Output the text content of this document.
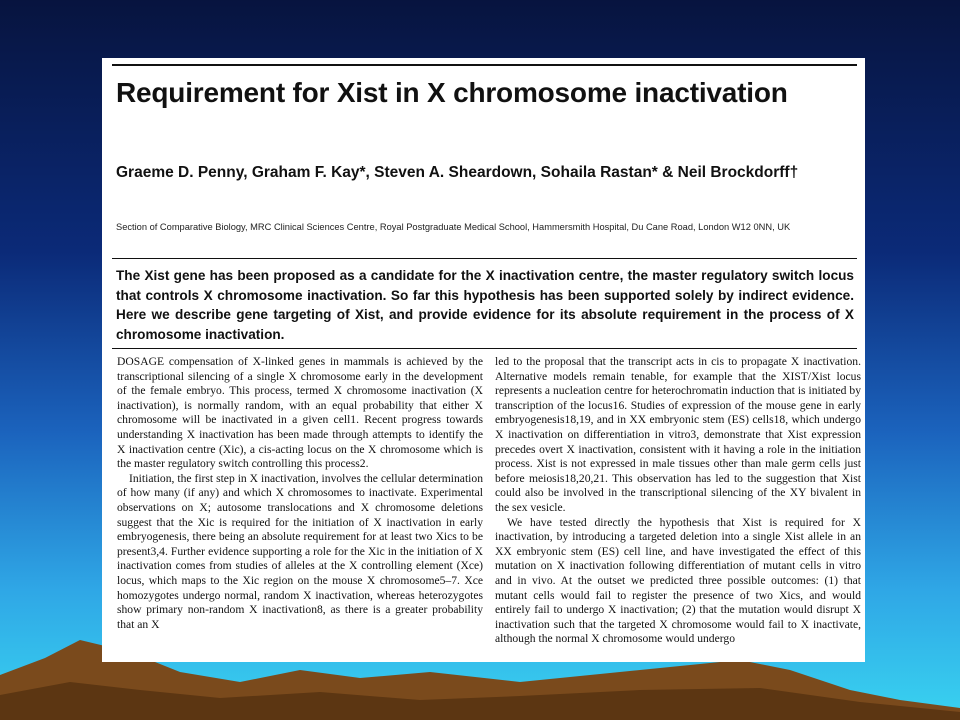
Requirement for Xist in X chromosome inactivation
Graeme D. Penny, Graham F. Kay*, Steven A. Sheardown, Sohaila Rastan* & Neil Brockdorff†
Section of Comparative Biology, MRC Clinical Sciences Centre, Royal Postgraduate Medical School, Hammersmith Hospital, Du Cane Road, London W12 0NN, UK
The Xist gene has been proposed as a candidate for the X inactivation centre, the master regulatory switch locus that controls X chromosome inactivation. So far this hypothesis has been supported solely by indirect evidence. Here we describe gene targeting of Xist, and provide evidence for its absolute requirement in the process of X chromosome inactivation.

DOSAGE compensation of X-linked genes in mammals is achieved by the transcriptional silencing of a single X chromosome early in the development of the female embryo. This process, termed X chromosome inactivation (X inactivation), is normally random, with an equal probability that either X chromosome will be inactivated in a given cell1. Recent progress towards understanding X inactivation has been made through attempts to identify the X inactivation centre (Xic), a cis-acting locus on the X chromosome which is the master regulatory switch controlling this process2.

Initiation, the first step in X inactivation, involves the cellular determination of how many (if any) and which X chromosomes to inactivate. Experimental observations on X; autosome translocations and X chromosome deletions suggest that the Xic is required for the initiation of X inactivation in early embryogenesis, there being an absolute requirement for at least two Xics to be present3,4. Further evidence supporting a role for the Xic in the initiation of X inactivation comes from studies of alleles at the X controlling element (Xce) locus, which maps to the Xic region on the mouse X chromosome5–7. Xce homozygotes undergo normal, random X inactivation, whereas heterozygotes show primary non-random X inactivation8, as there is a greater probability that an X

led to the proposal that the transcript acts in cis to propagate X inactivation. Alternative models remain tenable, for example that the XIST/Xist locus represents a nucleation centre for heterochromatin induction that is initiated by transcription of the locus16. Studies of expression of the mouse gene in early embryogenesis18,19, and in XX embryonic stem (ES) cells18, which undergo X inactivation on differentiation in vitro3, demonstrate that Xist expression precedes overt X inactivation, consistent with it having a role in the initiation process. Xist is not expressed in male tissues other than male germ cells just before meiosis18,20,21. This observation has led to the suggestion that Xist could also be involved in the transcriptional silencing of the XY bivalent in the sex vesicle.

We have tested directly the hypothesis that Xist is required for X inactivation, by introducing a targeted deletion into a single Xist allele in an XX embryonic stem (ES) cell line, and have investigated the effect of this mutation on X inactivation following differentiation of mutant cells in vitro and in vivo. At the outset we predicted three possible outcomes: (1) that mutant cells would fail to register the presence of two Xics, and would entirely fail to undergo X inactivation; (2) that the mutation would disrupt X inactivation such that the targeted X chromosome would fail to X inactivate, although the normal X chromosome would undergo
